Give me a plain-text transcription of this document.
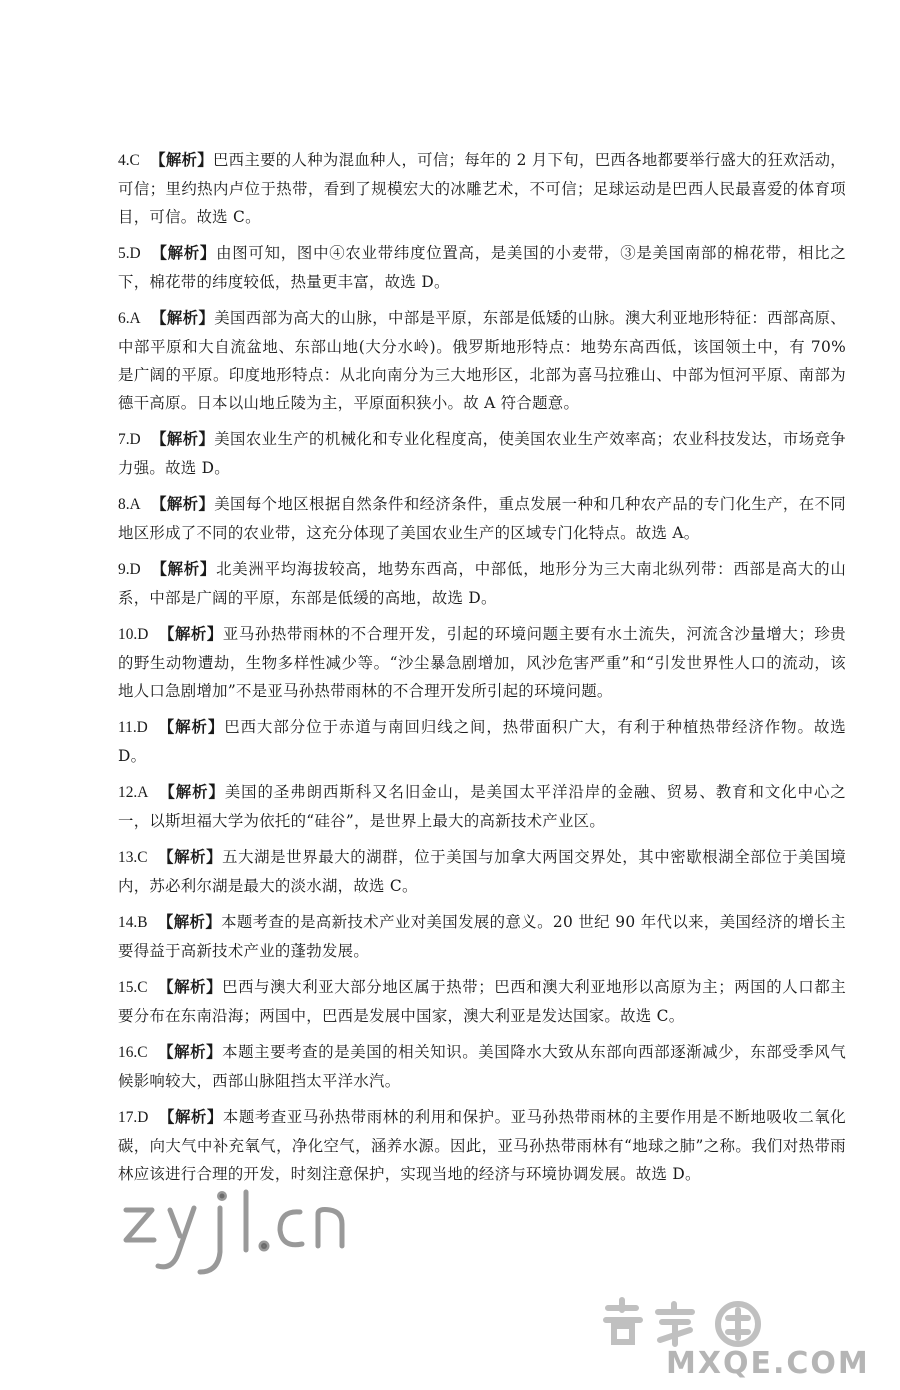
4.C 【解析】巴西主要的人种为混血种人，可信；每年的 2 月下旬，巴西各地都要举行盛大的狂欢活动，可信；里约热内卢位于热带，看到了规模宏大的冰雕艺术，不可信；足球运动是巴西人民最喜爱的体育项目，可信。故选 C。
5.D 【解析】由图可知，图中④农业带纬度位置高，是美国的小麦带，③是美国南部的棉花带，相比之下，棉花带的纬度较低，热量更丰富，故选 D。
6.A 【解析】美国西部为高大的山脉，中部是平原，东部是低矮的山脉。澳大利亚地形特征：西部高原、中部平原和大自流盆地、东部山地(大分水岭)。俄罗斯地形特点：地势东高西低，该国领土中，有 70% 是广阔的平原。印度地形特点：从北向南分为三大地形区，北部为喜马拉雅山、中部为恒河平原、南部为德干高原。日本以山地丘陵为主，平原面积狭小。故 A 符合题意。
7.D 【解析】美国农业生产的机械化和专业化程度高，使美国农业生产效率高；农业科技发达，市场竞争力强。故选 D。
8.A 【解析】美国每个地区根据自然条件和经济条件，重点发展一种和几种农产品的专门化生产，在不同地区形成了不同的农业带，这充分体现了美国农业生产的区域专门化特点。故选 A。
9.D 【解析】北美洲平均海拔较高，地势东西高，中部低，地形分为三大南北纵列带：西部是高大的山系，中部是广阔的平原，东部是低缓的高地，故选 D。
10.D 【解析】亚马孙热带雨林的不合理开发，引起的环境问题主要有水土流失，河流含沙量增大；珍贵的野生动物遭劫，生物多样性减少等。“沙尘暴急剧增加，风沙危害严重”和“引发世界性人口的流动，该地人口急剧增加”不是亚马孙热带雨林的不合理开发所引起的环境问题。
11.D 【解析】巴西大部分位于赤道与南回归线之间，热带面积广大，有利于种植热带经济作物。故选 D。
12.A 【解析】美国的圣弗朗西斯科又名旧金山，是美国太平洋沿岸的金融、贸易、教育和文化中心之一，以斯坦福大学为依托的“硅谷”，是世界上最大的高新技术产业区。
13.C 【解析】五大湖是世界最大的湖群，位于美国与加拿大两国交界处，其中密歇根湖全部位于美国境内，苏必利尔湖是最大的淡水湖，故选 C。
14.B 【解析】本题考查的是高新技术产业对美国发展的意义。20 世纪 90 年代以来，美国经济的增长主要得益于高新技术产业的蓬勃发展。
15.C 【解析】巴西与澳大利亚大部分地区属于热带；巴西和澳大利亚地形以高原为主；两国的人口都主要分布在东南沿海；两国中，巴西是发展中国家，澳大利亚是发达国家。故选 C。
16.C 【解析】本题主要考查的是美国的相关知识。美国降水大致从东部向西部逐渐减少，东部受季风气候影响较大，西部山脉阻挡太平洋水汽。
17.D 【解析】本题考查亚马孙热带雨林的利用和保护。亚马孙热带雨林的主要作用是不断地吸收二氧化碳，向大气中补充氧气，净化空气，涵养水源。因此，亚马孙热带雨林有“地球之肺”之称。我们对热带雨林应该进行合理的开发，时刻注意保护，实现当地的经济与环境协调发展。故选 D。
MXQE.COM
